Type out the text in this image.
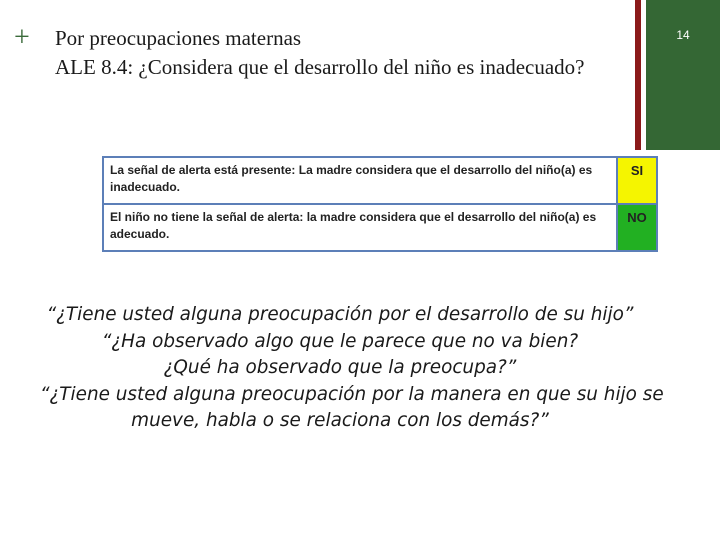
+ Por preocupaciones maternas
ALE 8.4: ¿Considera que el desarrollo del niño es inadecuado?
14
La señal de alerta está presente: La madre considera que el desarrollo del niño(a) es inadecuado.	SI
El niño no tiene la señal de alerta: la madre considera que el desarrollo del niño(a) es adecuado.	NO
“¿Tiene usted alguna preocupación por el desarrollo de su hijo”
“¿Ha observado algo que le parece que no va bien?
¿Qué ha observado que la preocupa?”
“¿Tiene usted alguna preocupación por la manera en que su hijo se
mueve, habla o se relaciona con los demás?”
